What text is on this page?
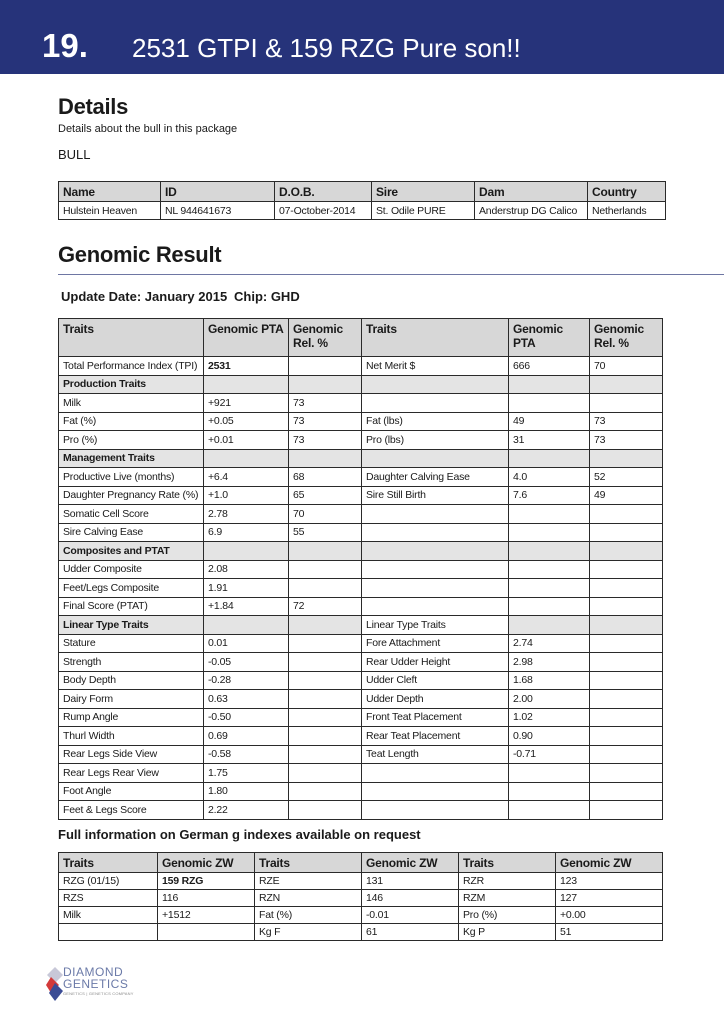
19. 2531 GTPI & 159 RZG Pure son!!
Details
Details about the bull in this package
BULL
Name	ID	D.O.B.	Sire	Dam	Country
Hulstein Heaven	NL 944641673	07-October-2014	St. Odile PURE	Anderstrup DG Calico	Netherlands
Genomic Result
Update Date: January 2015 Chip: GHD
Traits	Genomic PTA	Genomic Rel. %	Traits	Genomic PTA	Genomic Rel. %
Total Performance Index (TPI)	2531		Net Merit $	666	70
Production Traits					
Milk	+921	73			
Fat (%)	+0.05	73	Fat (lbs)	49	73
Pro (%)	+0.01	73	Pro (lbs)	31	73
Management Traits					
Productive Live (months)	+6.4	68	Daughter Calving Ease	4.0	52
Daughter Pregnancy Rate (%)	+1.0	65	Sire Still Birth	7.6	49
Somatic Cell Score	2.78	70			
Sire Calving Ease	6.9	55			
Composites and PTAT					
Udder Composite	2.08				
Feet/Legs Composite	1.91				
Final Score (PTAT)	+1.84	72			
Linear Type Traits			Linear Type Traits		
Stature	0.01		Fore Attachment	2.74	
Strength	-0.05		Rear Udder Height	2.98	
Body Depth	-0.28		Udder Cleft	1.68	
Dairy Form	0.63		Udder Depth	2.00	
Rump Angle	-0.50		Front Teat Placement	1.02	
Thurl Width	0.69		Rear Teat Placement	0.90	
Rear Legs Side View	-0.58		Teat Length	-0.71	
Rear Legs Rear View	1.75				
Foot Angle	1.80				
Feet & Legs Score	2.22				
Full information on German g indexes available on request
Traits	Genomic ZW	Traits	Genomic ZW	Traits	Genomic ZW
RZG (01/15)	159 RZG	RZE	131	RZR	123
RZS	116	RZN	146	RZM	127
Milk	+1512	Fat (%)	-0.01	Pro (%)	+0.00
		Kg F	61	Kg P	51
DIAMOND
GENETICS
GENETICS | GENETICS COMPANY
